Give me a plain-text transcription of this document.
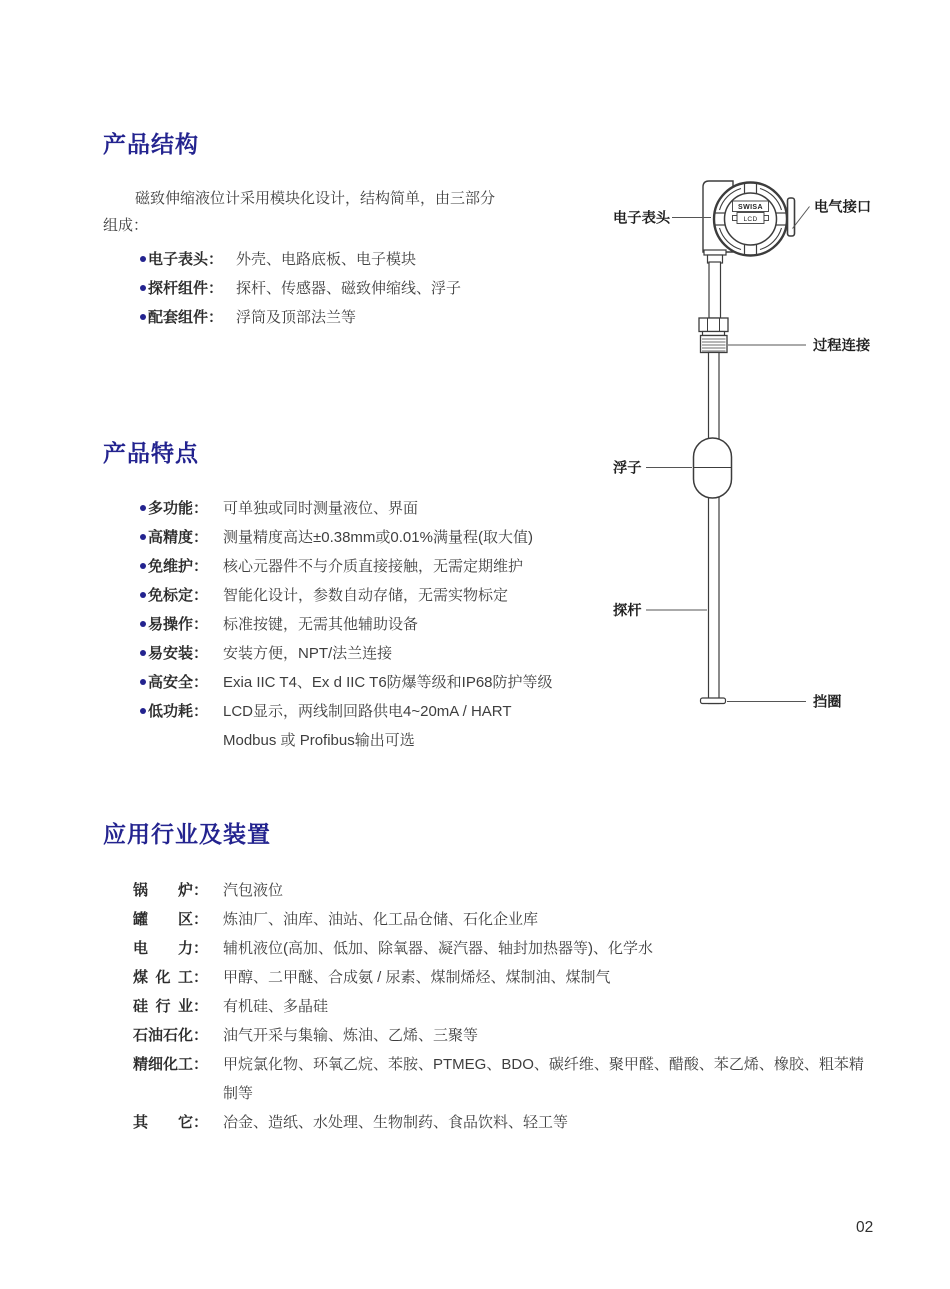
产品结构

磁致伸缩液位计采用模块化设计，结构简单，由三部分
组成：

电子表头： 外壳、电路底板、电子模块
探杆组件： 探杆、传感器、磁致伸缩线、浮子
配套组件： 浮筒及顶部法兰等
产品特点
多功能： 可单独或同时测量液位、界面
高精度： 测量精度高达±0.38mm或0.01%满量程(取大值)
免维护： 核心元器件不与介质直接接触，无需定期维护
免标定： 智能化设计，参数自动存储，无需实物标定
易操作： 标准按键，无需其他辅助设备
易安装： 安装方便，NPT/法兰连接
高安全： Exia IIC T4、Ex d IIC T6防爆等级和IP68防护等级
低功耗： LCD显示，两线制回路供电4~20mA / HART
Modbus 或 Profibus输出可选
应用行业及装置
锅炉： 汽包液位
罐区： 炼油厂、油库、油站、化工品仓储、石化企业库
电力： 辅机液位(高加、低加、除氧器、凝汽器、轴封加热器等)、化学水
煤化工： 甲醇、二甲醚、合成氨 / 尿素、煤制烯烃、煤制油、煤制气
硅行业： 有机硅、多晶硅
石油石化： 油气开采与集输、炼油、乙烯、三聚等
精细化工： 甲烷氯化物、环氧乙烷、苯胺、PTMEG、BDO、碳纤维、聚甲醛、醋酸、苯乙烯、橡胶、粗苯精制等
其它： 冶金、造纸、水处理、生物制药、食品饮料、轻工等
SWISA
LCD
电子表头
电气接口
过程连接
浮子
探杆
挡圈
02
